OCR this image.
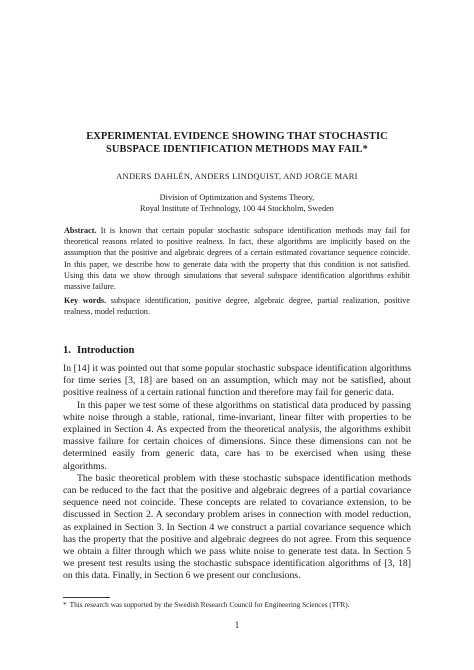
EXPERIMENTAL EVIDENCE SHOWING THAT STOCHASTIC
SUBSPACE IDENTIFICATION METHODS MAY FAIL*
ANDERS DAHLÉN, ANDERS LINDQUIST, AND JORGE MARI
Division of Optimization and Systems Theory,
Royal Institute of Technology, 100 44 Stockholm, Sweden
Abstract. It is known that certain popular stochastic subspace identification methods may fail for theoretical reasons related to positive realness. In fact, these algorithms are implicitly based on the assumption that the positive and algebraic degrees of a certain estimated covariance sequence coincide. In this paper, we describe how to generate data with the property that this condition is not satisfied. Using this data we show through simulations that several subspace identification algorithms exhibit massive failure.
Key words. subspace identification, positive degree, algebraic degree, partial realization, positive realness, model reduction.
1. Introduction

In [14] it was pointed out that some popular stochastic subspace identification algorithms for time series [3, 18] are based on an assumption, which may not be satisfied, about positive realness of a certain rational function and therefore may fail for generic data.

In this paper we test some of these algorithms on statistical data produced by passing white noise through a stable, rational, time-invariant, linear filter with properties to be explained in Section 4. As expected from the theoretical analysis, the algorithms exhibit massive failure for certain choices of dimensions. Since these dimensions can not be determined easily from generic data, care has to be exercised when using these algorithms.

The basic theoretical problem with these stochastic subspace identification methods can be reduced to the fact that the positive and algebraic degrees of a partial covariance sequence need not coincide. These concepts are related to covariance extension, to be discussed in Section 2. A secondary problem arises in connection with model reduction, as explained in Section 3. In Section 4 we construct a partial covariance sequence which has the property that the positive and algebraic degrees do not agree. From this sequence we obtain a filter through which we pass white noise to generate test data. In Section 5 we present test results using the stochastic subspace identification algorithms of [3, 18] on this data. Finally, in Section 6 we present our conclusions.

* This research was supported by the Swedish Research Council for Engineering Sciences (TFR).
1
